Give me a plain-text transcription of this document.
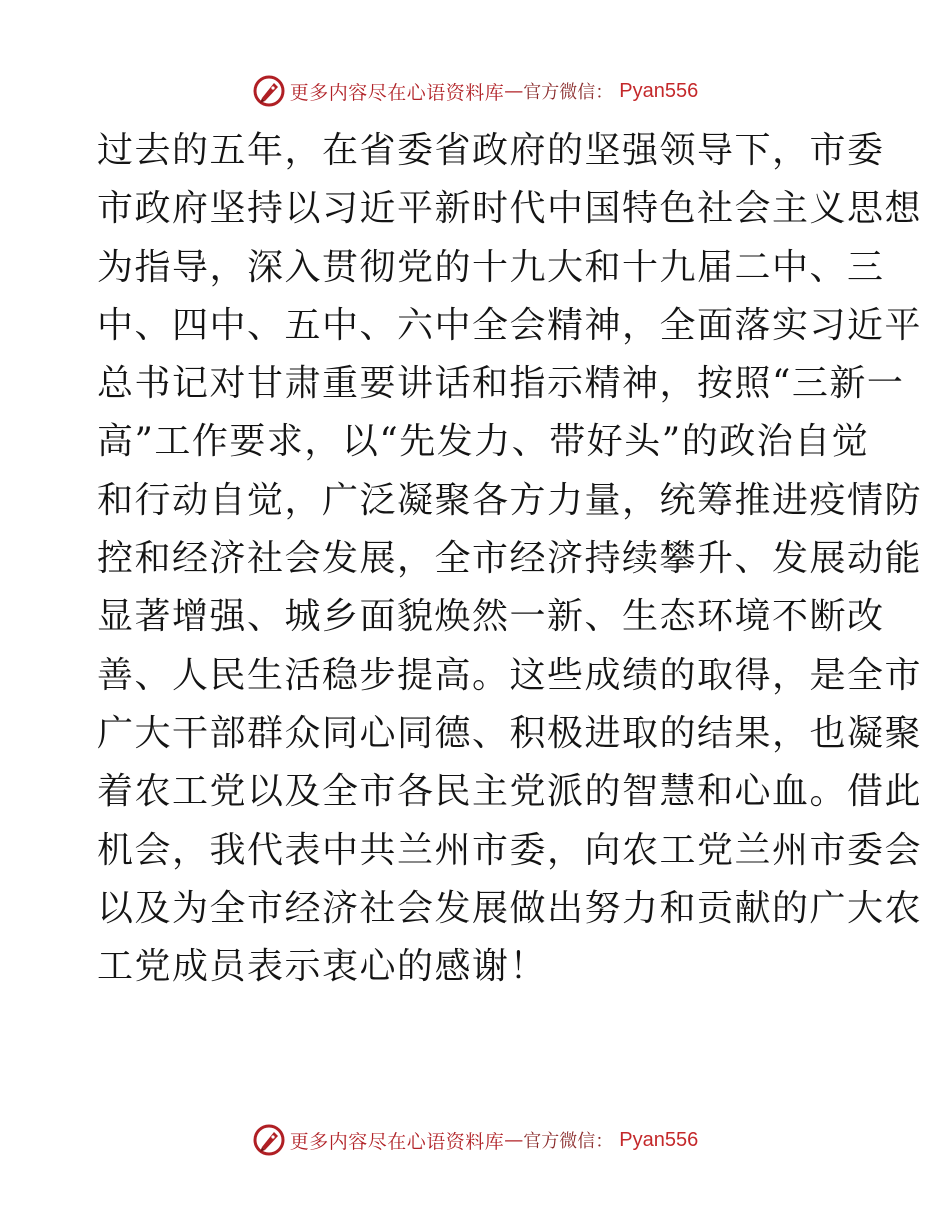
更多内容尽在心语资料库 — 官方微信： Pyan556
过去的五年，在省委省政府的坚强领导下，市委
市政府坚持以习近平新时代中国特色社会主义思想
为指导，深入贯彻党的十九大和十九届二中、三
中、四中、五中、六中全会精神，全面落实习近平
总书记对甘肃重要讲话和指示精神，按照“三新一
高”工作要求，以“先发力、带好头”的政治自觉
和行动自觉，广泛凝聚各方力量，统筹推进疫情防
控和经济社会发展，全市经济持续攀升、发展动能
显著增强、城乡面貌焕然一新、生态环境不断改
善、人民生活稳步提高。这些成绩的取得，是全市
广大干部群众同心同德、积极进取的结果，也凝聚
着农工党以及全市各民主党派的智慧和心血。借此
机会，我代表中共兰州市委，向农工党兰州市委会
以及为全市经济社会发展做出努力和贡献的广大农
工党成员表示衷心的感谢！
更多内容尽在心语资料库 — 官方微信： Pyan556
